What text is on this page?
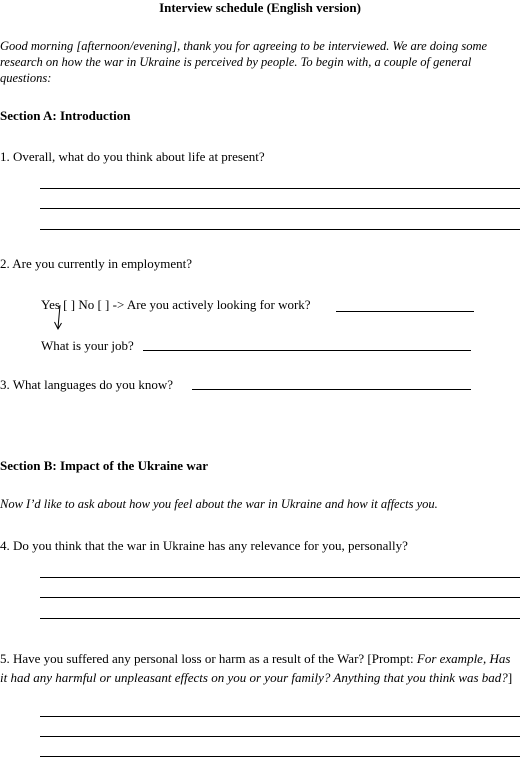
Interview schedule (English version)
Good morning [afternoon/evening], thank you for agreeing to be interviewed. We are doing some research on how the war in Ukraine is perceived by people. To begin with, a couple of general questions:
Section A: Introduction
1. Overall, what do you think about life at present?
2. Are you currently in employment?
Yes [ ] No [ ] -> Are you actively looking for work?
What is your job?
3. What languages do you know?
Section B: Impact of the Ukraine war
Now I’d like to ask about how you feel about the war in Ukraine and how it affects you.
4. Do you think that the war in Ukraine has any relevance for you, personally?
5. Have you suffered any personal loss or harm as a result of the War? [Prompt: For example, Has it had any harmful or unpleasant effects on you or your family? Anything that you think was bad?]
